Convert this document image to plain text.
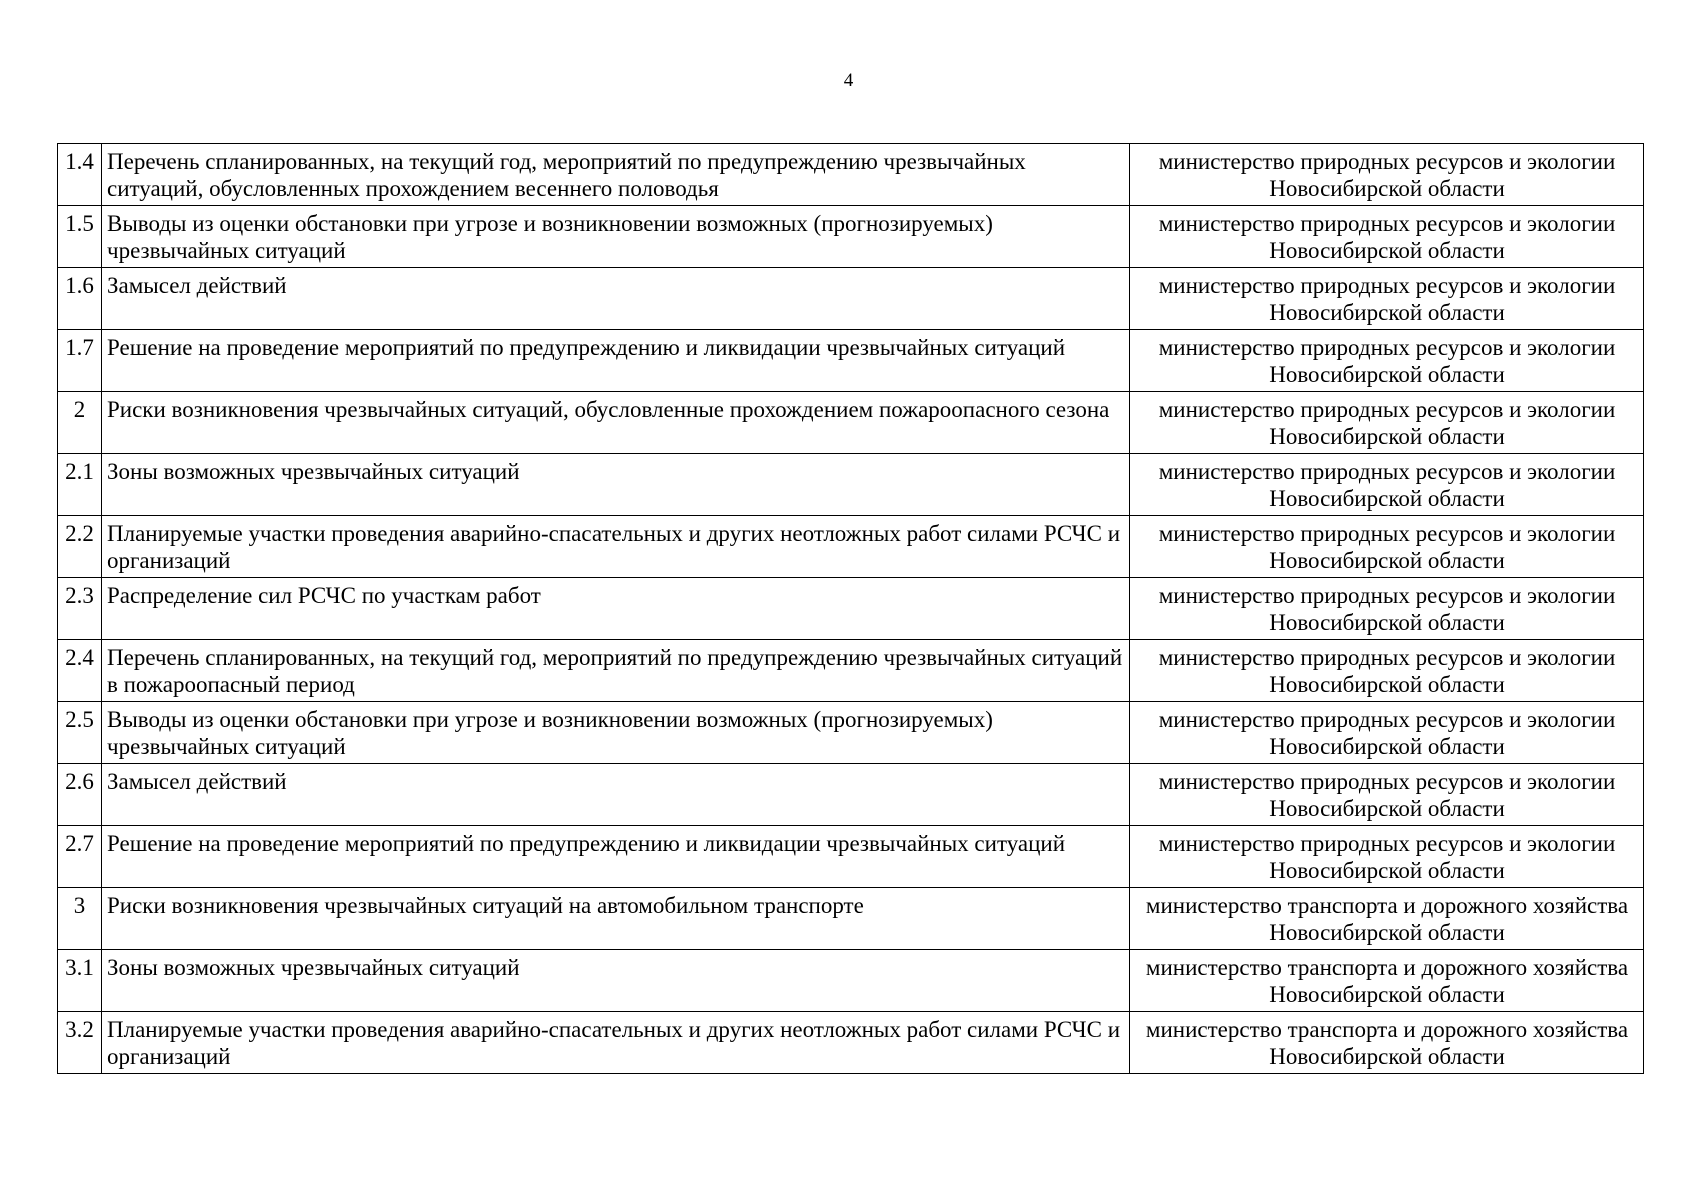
4
1.4	Перечень спланированных, на текущий год, мероприятий по предупреждению чрезвычайных ситуаций, обусловленных прохождением весеннего половодья	министерство природных ресурсов и экологии Новосибирской области
1.5	Выводы из оценки обстановки при угрозе и возникновении возможных (прогнозируемых) чрезвычайных ситуаций	министерство природных ресурсов и экологии Новосибирской области
1.6	Замысел действий	министерство природных ресурсов и экологии Новосибирской области
1.7	Решение на проведение мероприятий по предупреждению и ликвидации чрезвычайных ситуаций	министерство природных ресурсов и экологии Новосибирской области
2	Риски возникновения чрезвычайных ситуаций, обусловленные прохождением пожароопасного сезона	министерство природных ресурсов и экологии Новосибирской области
2.1	Зоны возможных чрезвычайных ситуаций	министерство природных ресурсов и экологии Новосибирской области
2.2	Планируемые участки проведения аварийно-спасательных и других неотложных работ силами РСЧС и организаций	министерство природных ресурсов и экологии Новосибирской области
2.3	Распределение сил РСЧС по участкам работ	министерство природных ресурсов и экологии Новосибирской области
2.4	Перечень спланированных, на текущий год, мероприятий по предупреждению чрезвычайных ситуаций в пожароопасный период	министерство природных ресурсов и экологии Новосибирской области
2.5	Выводы из оценки обстановки при угрозе и возникновении возможных (прогнозируемых) чрезвычайных ситуаций	министерство природных ресурсов и экологии Новосибирской области
2.6	Замысел действий	министерство природных ресурсов и экологии Новосибирской области
2.7	Решение на проведение мероприятий по предупреждению и ликвидации чрезвычайных ситуаций	министерство природных ресурсов и экологии Новосибирской области
3	Риски возникновения чрезвычайных ситуаций на автомобильном транспорте	министерство транспорта и дорожного хозяйства Новосибирской области
3.1	Зоны возможных чрезвычайных ситуаций	министерство транспорта и дорожного хозяйства Новосибирской области
3.2	Планируемые участки проведения аварийно-спасательных и других неотложных работ силами РСЧС и организаций	министерство транспорта и дорожного хозяйства Новосибирской области
